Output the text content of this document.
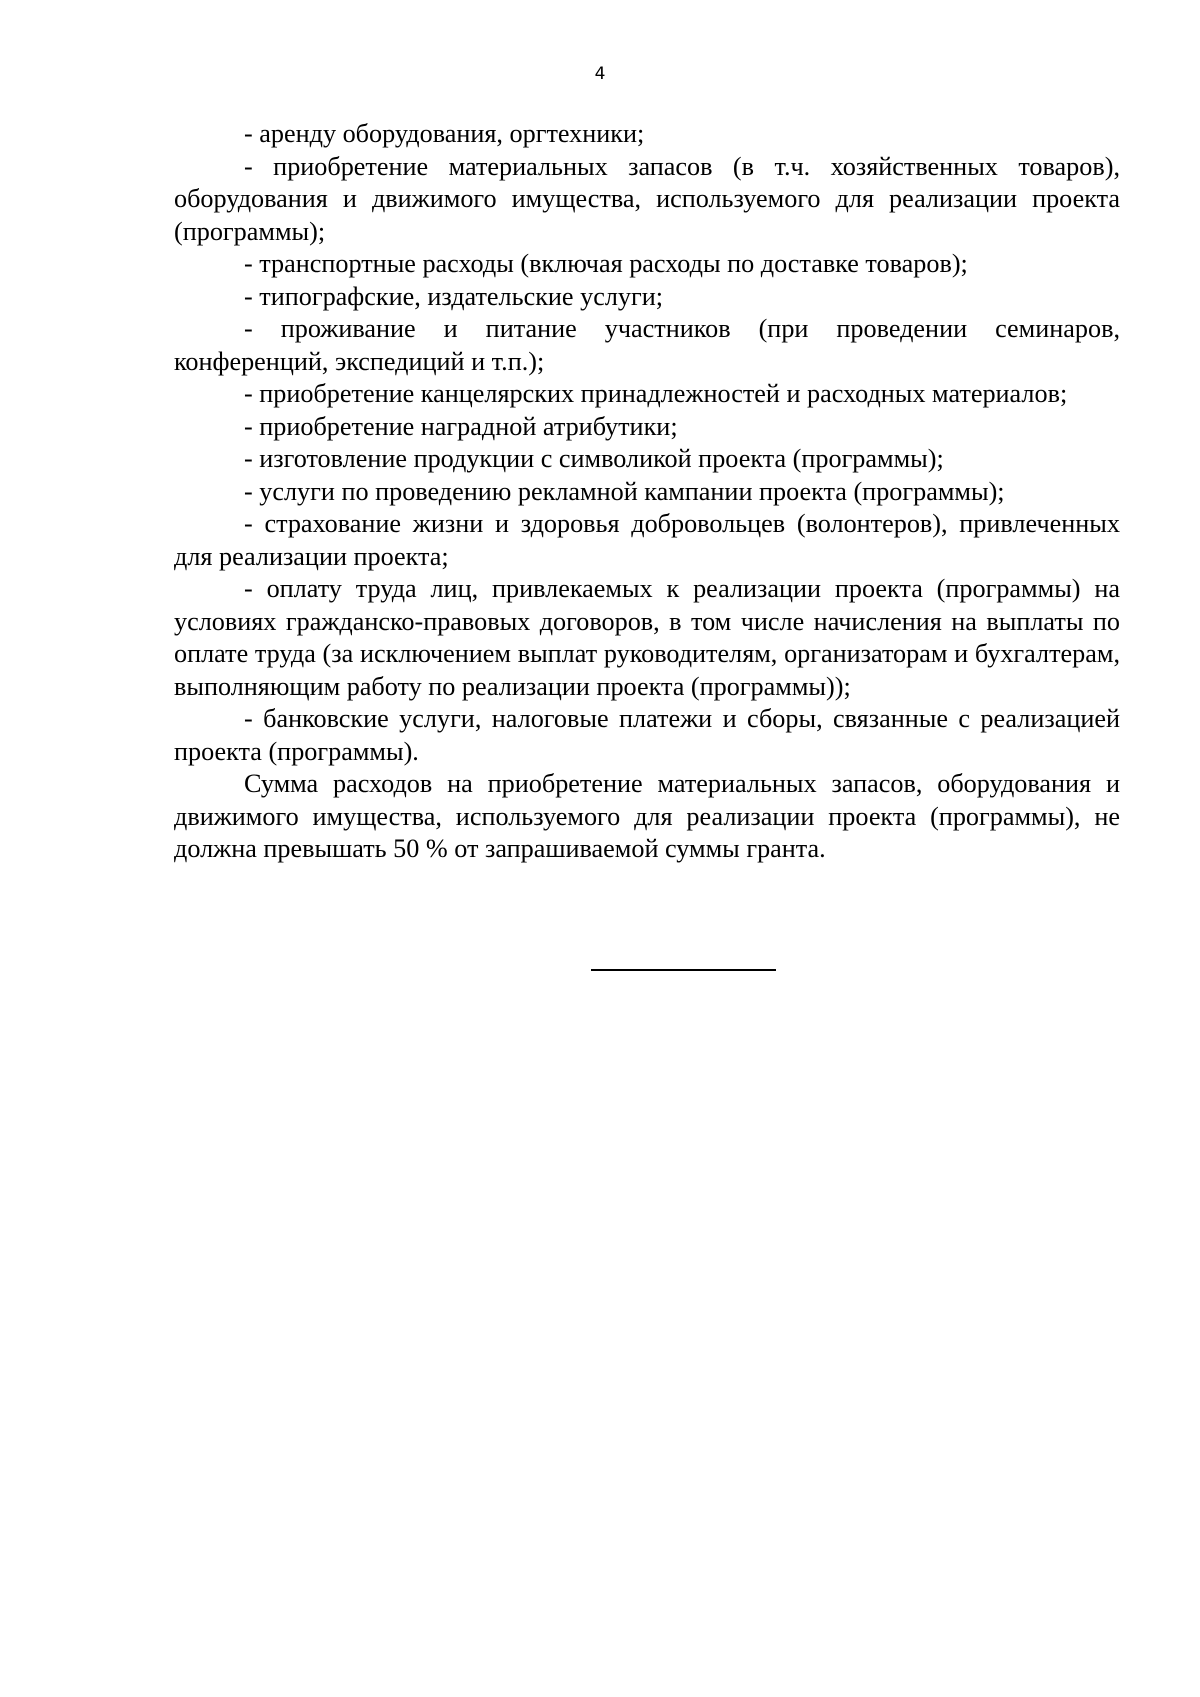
4

- аренду оборудования, оргтехники;

- приобретение материальных запасов (в т.ч. хозяйственных товаров), оборудования и движимого имущества, используемого для реализации проекта (программы);

- транспортные расходы (включая расходы по доставке товаров);

- типографские, издательские услуги;

- проживание и питание участников (при проведении семинаров, конференций, экспедиций и т.п.);

- приобретение канцелярских принадлежностей и расходных материалов;

- приобретение наградной атрибутики;

- изготовление продукции с символикой проекта (программы);

- услуги по проведению рекламной кампании проекта (программы);

- страхование жизни и здоровья добровольцев (волонтеров), привлеченных для реализации проекта;

- оплату труда лиц, привлекаемых к реализации проекта (программы) на условиях гражданско-правовых договоров, в том числе начисления на выплаты по оплате труда (за исключением выплат руководителям, организаторам и бухгалтерам, выполняющим работу по реализации проекта (программы));

- банковские услуги, налоговые платежи и сборы, связанные с реализацией проекта (программы).

Сумма расходов на приобретение материальных запасов, оборудования и движимого имущества, используемого для реализации проекта (программы), не должна превышать 50 % от запрашиваемой суммы гранта.
